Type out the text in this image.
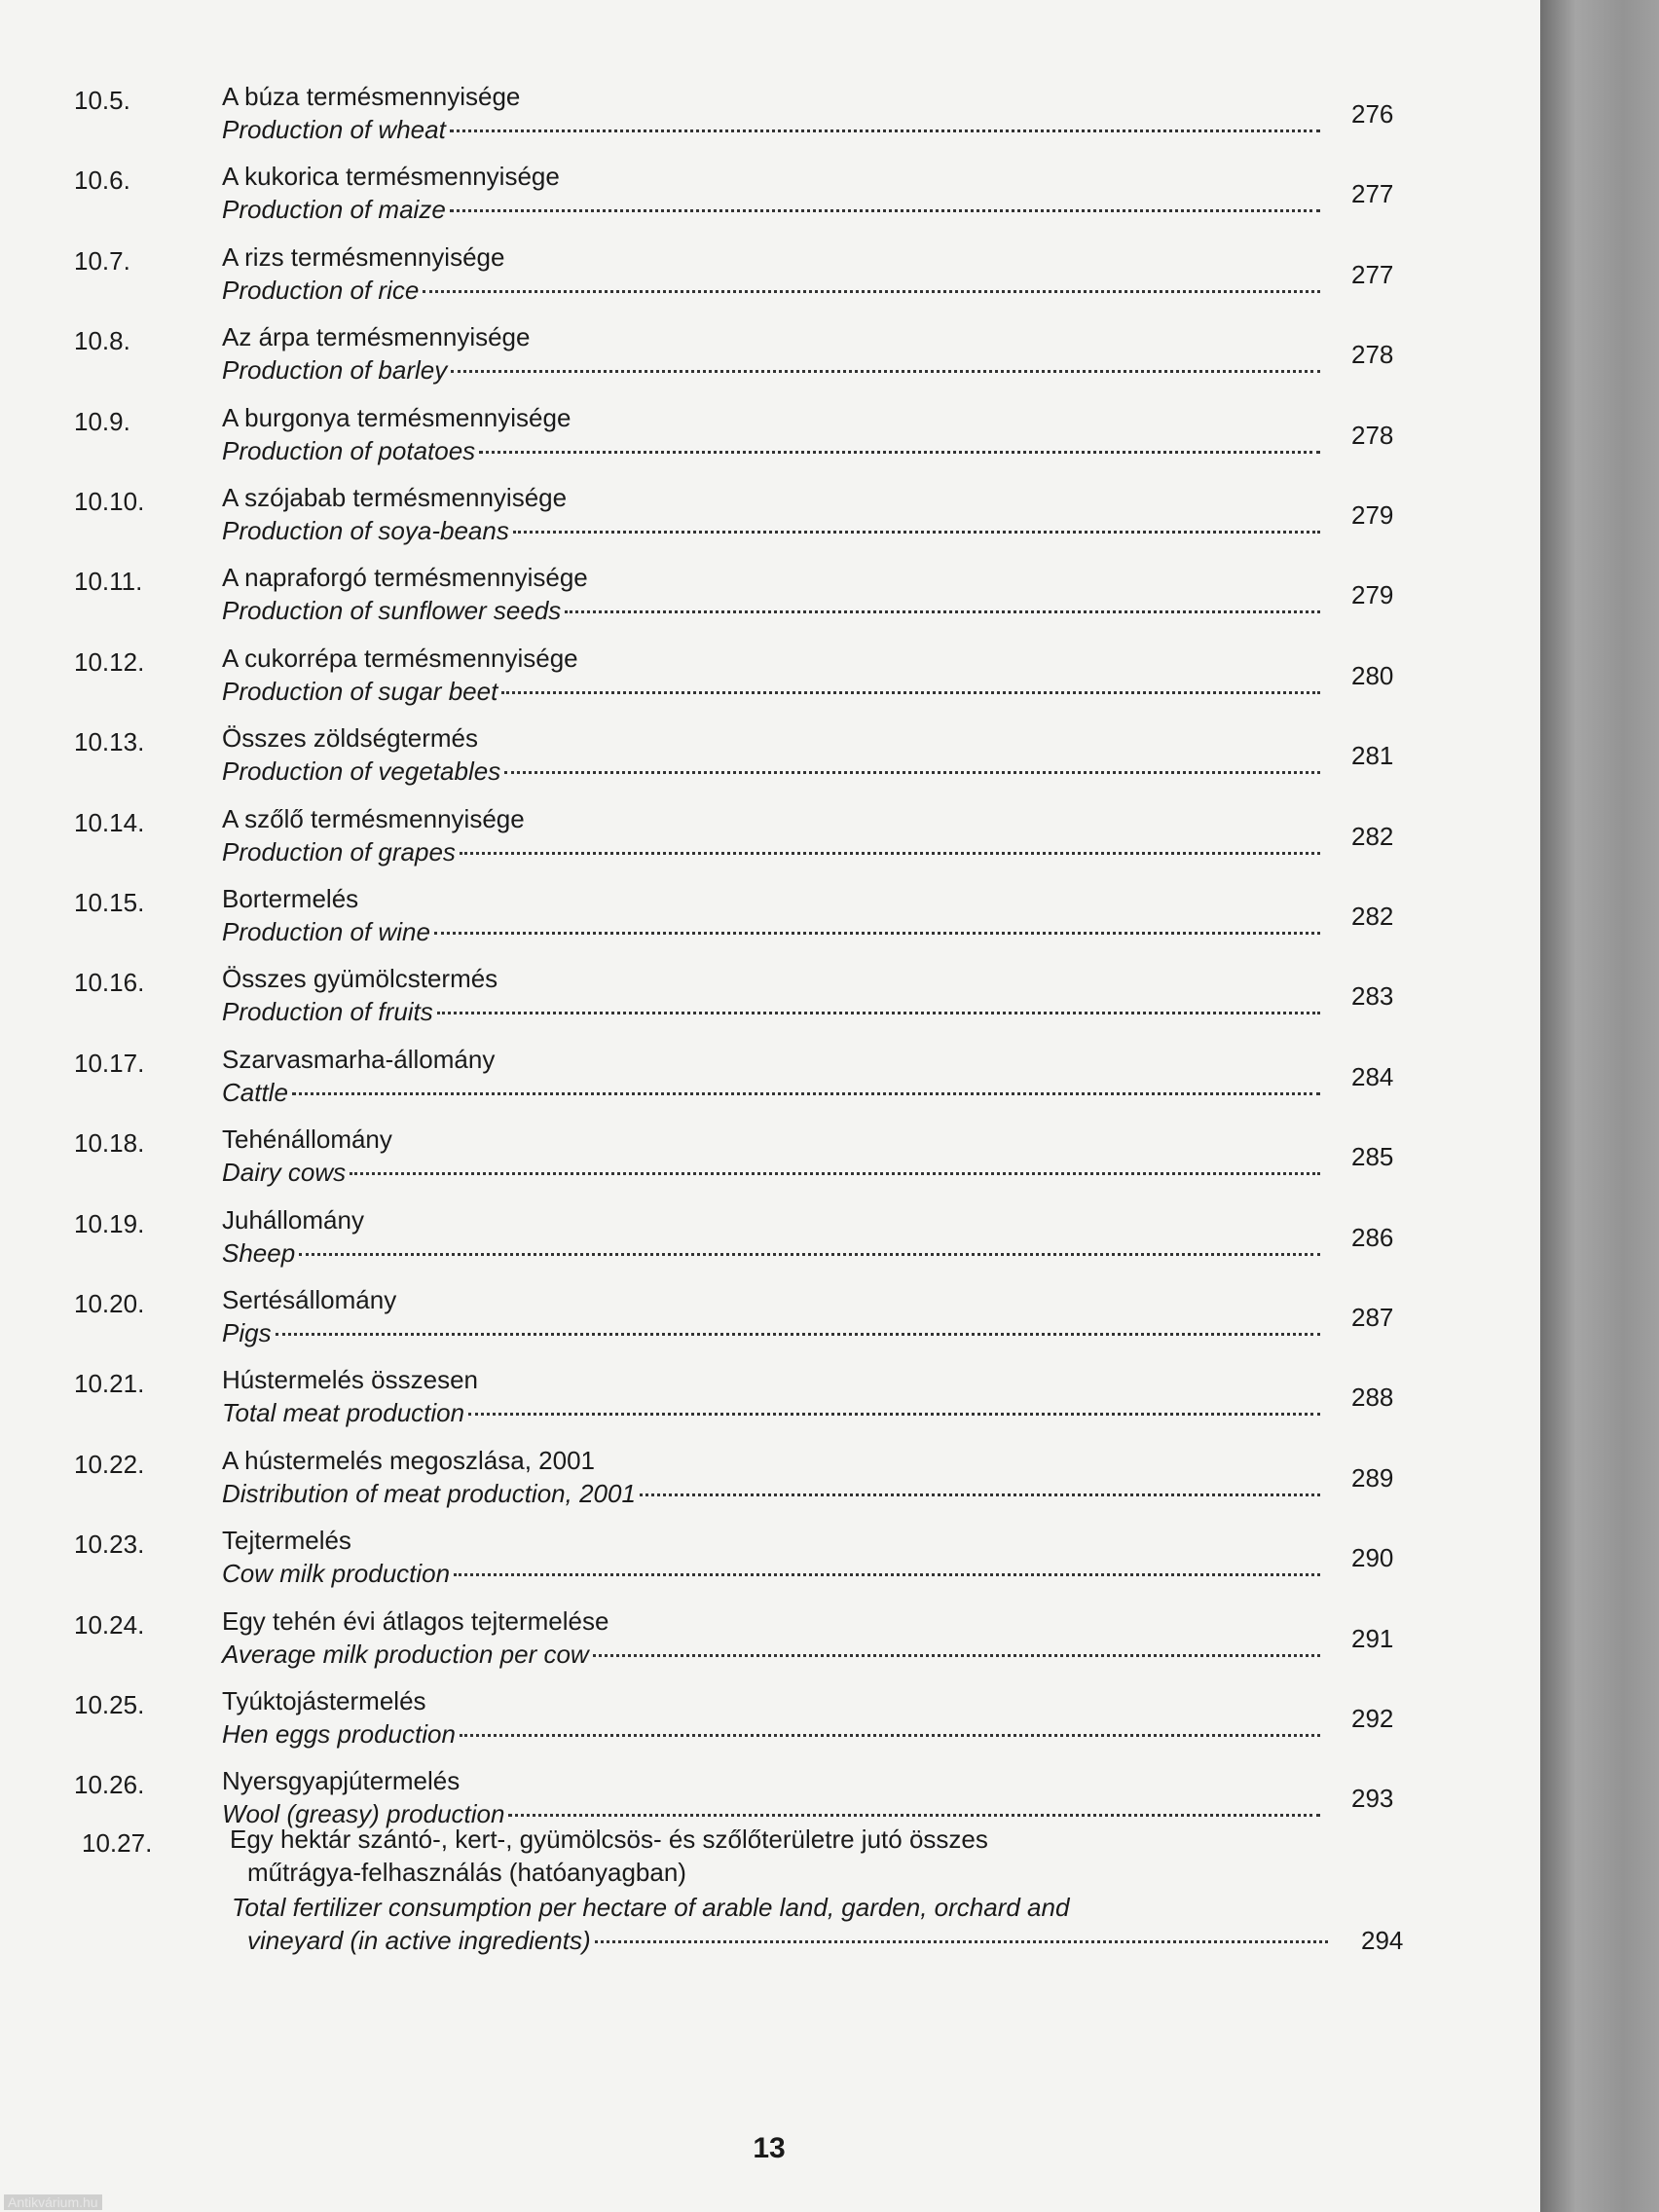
10.5.	A búza termésmennyisége
Production of wheat
276
10.6.	A kukorica termésmennyisége
Production of maize
277
10.7.	A rizs termésmennyisége
Production of rice
277
10.8.	Az árpa termésmennyisége
Production of barley
278
10.9.	A burgonya termésmennyisége
Production of potatoes
278
10.10.	A szójabab termésmennyisége
Production of soya-beans
279
10.11.	A napraforgó termésmennyisége
Production of sunflower seeds
279
10.12.	A cukorrépa termésmennyisége
Production of sugar beet
280
10.13.	Összes zöldségtermés
Production of vegetables
281
10.14.	A szőlő termésmennyisége
Production of grapes
282
10.15.	Bortermelés
Production of wine
282
10.16.	Összes gyümölcstermés
Production of fruits
283
10.17.	Szarvasmarha-állomány
Cattle
284
10.18.	Tehénállomány
Dairy cows
285
10.19.	Juhállomány
Sheep
286
10.20.	Sertésállomány
Pigs
287
10.21.	Hústermelés összesen
Total meat production
288
10.22.	A hústermelés megoszlása, 2001
Distribution of meat production, 2001
289
10.23.	Tejtermelés
Cow milk production
290
10.24.	Egy tehén évi átlagos tejtermelése
Average milk production per cow
291
10.25.	Tyúktojástermelés
Hen eggs production
292
10.26.	Nyersgyapjútermelés
Wool (greasy) production
293
10.27.	Egy hektár szántó-, kert-, gyümölcsös- és szőlőterületre jutó összes
műtrágya-felhasználás (hatóanyagban)
Total fertilizer consumption per hectare of arable land, garden, orchard and
vineyard (in active ingredients)	294
13
Antikvárium.hu
